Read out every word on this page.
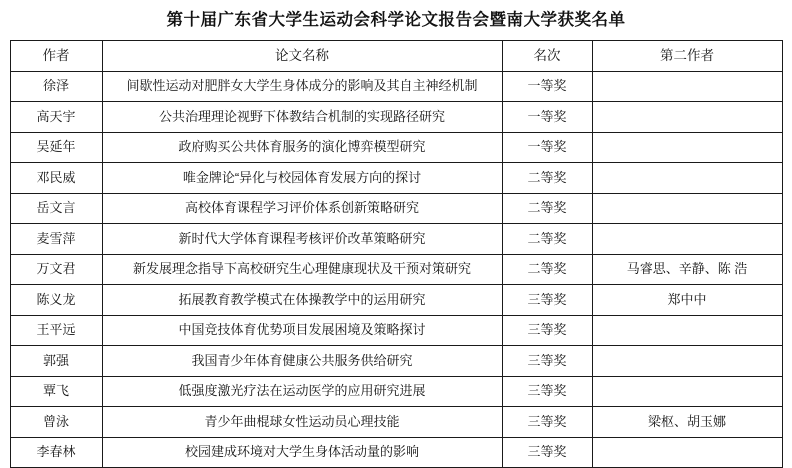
第十届广东省大学生运动会科学论文报告会暨南大学获奖名单
作者	论文名称	名次	第二作者
徐泽	间歇性运动对肥胖女大学生身体成分的影响及其自主神经机制	一等奖	
高天宇	公共治理理论视野下体教结合机制的实现路径研究	一等奖	
吴延年	政府购买公共体育服务的演化博弈模型研究	一等奖	
邓民威	唯金牌论“异化与校园体育发展方向的探讨	二等奖	
岳文言	高校体育课程学习评价体系创新策略研究	二等奖	
麦雪萍	新时代大学体育课程考核评价改革策略研究	二等奖	
万文君	新发展理念指导下高校研究生心理健康现状及干预对策研究	二等奖	马睿思、辛静、陈 浩
陈义龙	拓展教育教学模式在体操教学中的运用研究	三等奖	郑中中
王平远	中国竞技体育优势项目发展困境及策略探讨	三等奖	
郭强	我国青少年体育健康公共服务供给研究	三等奖	
覃飞	低强度激光疗法在运动医学的应用研究进展	三等奖	
曾泳	青少年曲棍球女性运动员心理技能	三等奖	梁枢、胡玉娜
李春林	校园建成环境对大学生身体活动量的影响	三等奖	
